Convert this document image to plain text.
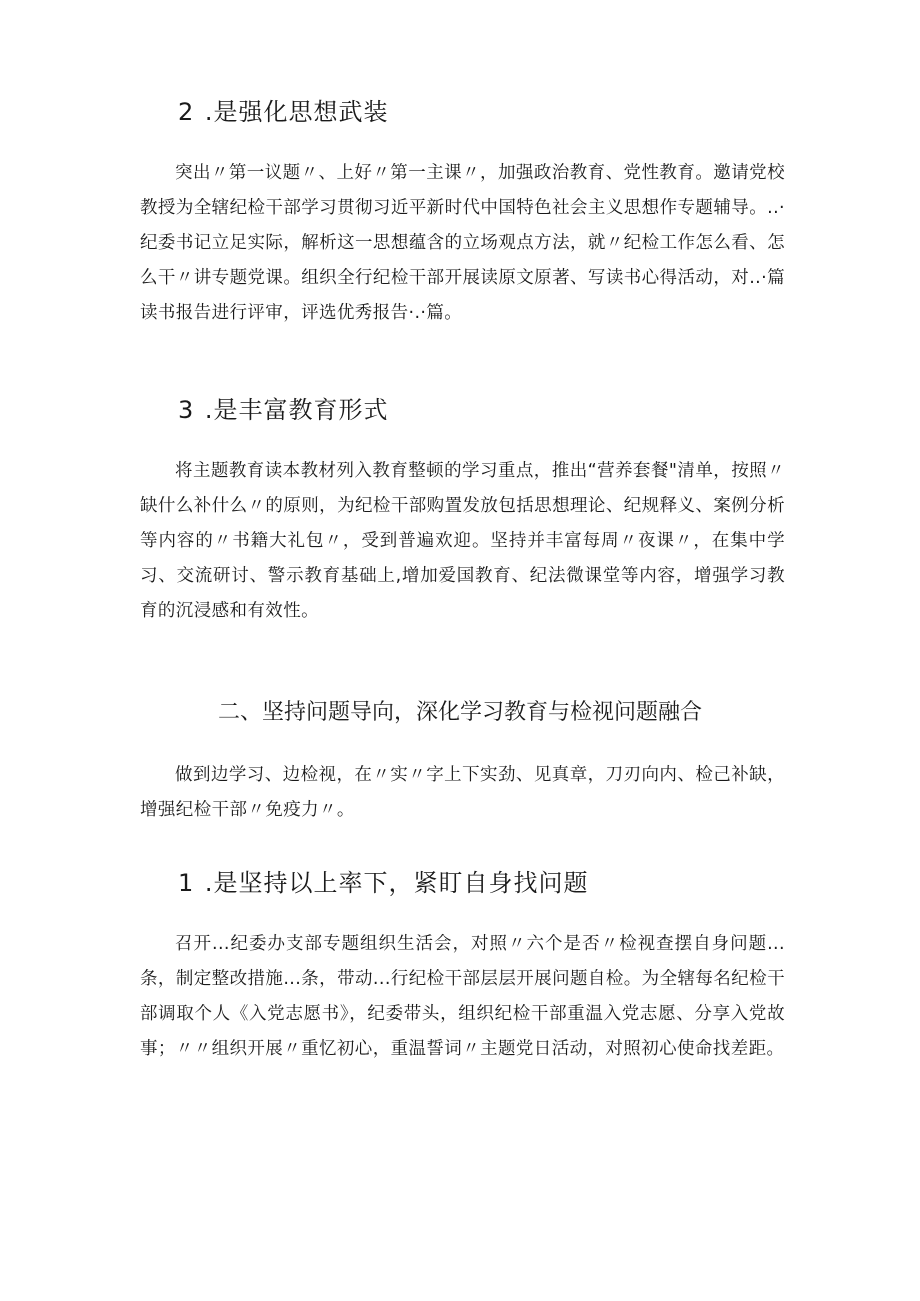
2 .是强化思想武装
突出〃第一议题〃、上好〃第一主课〃，加强政治教育、党性教育。邀请党校教授为全辖纪检干部学习贯彻习近平新时代中国特色社会主义思想作专题辅导。..·纪委书记立足实际，解析这一思想蕴含的立场观点方法，就〃纪检工作怎么看、怎么干〃讲专题党课。组织全行纪检干部开展读原文原著、写读书心得活动，对..·篇读书报告进行评审，评选优秀报告·.·篇。
3 .是丰富教育形式
将主题教育读本教材列入教育整顿的学习重点，推出“营养套餐"清单，按照〃缺什么补什么〃的原则，为纪检干部购置发放包括思想理论、纪规释义、案例分析等内容的〃书籍大礼包〃，受到普遍欢迎。坚持并丰富每周〃夜课〃，在集中学习、交流研讨、警示教育基础上,增加爱国教育、纪法微课堂等内容，增强学习教育的沉浸感和有效性。
二、坚持问题导向，深化学习教育与检视问题融合
做到边学习、边检视，在〃实〃字上下实劲、见真章，刀刃向内、检己补缺，增强纪检干部〃免疫力〃。
1 .是坚持以上率下，紧盯自身找问题
召开...纪委办支部专题组织生活会，对照〃六个是否〃检视查摆自身问题...条，制定整改措施...条，带动...行纪检干部层层开展问题自检。为全辖每名纪检干部调取个人《入党志愿书》，纪委带头，组织纪检干部重温入党志愿、分享入党故事；〃〃组织开展〃重忆初心，重温誓词〃主题党日活动，对照初心使命找差距。
